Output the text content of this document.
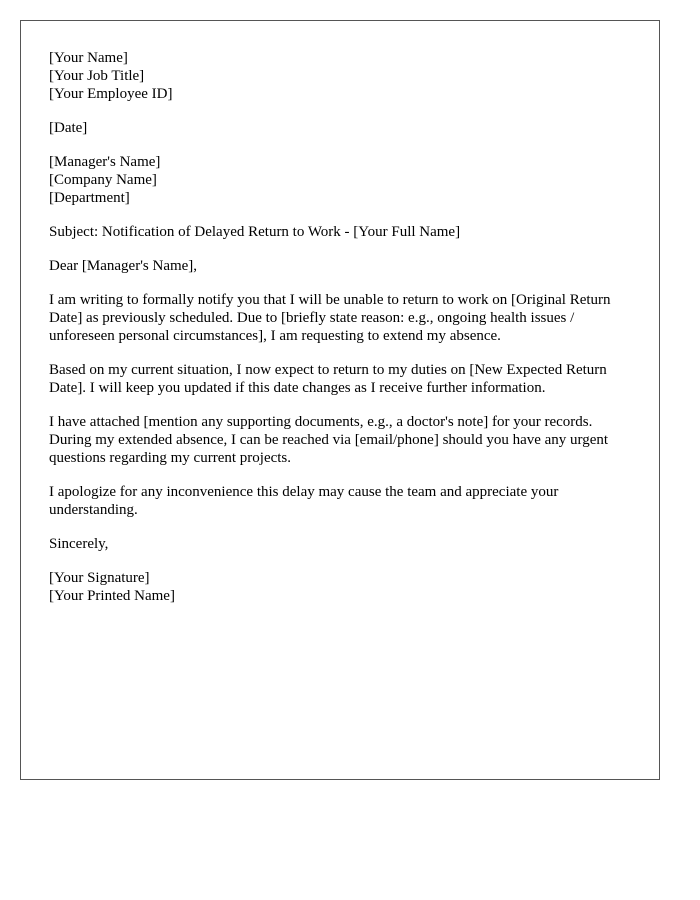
[Your Name]
[Your Job Title]
[Your Employee ID]
[Date]
[Manager's Name]
[Company Name]
[Department]
Subject: Notification of Delayed Return to Work - [Your Full Name]
Dear [Manager's Name],

I am writing to formally notify you that I will be unable to return to work on [Original Return Date] as previously scheduled. Due to [briefly state reason: e.g., ongoing health issues / unforeseen personal circumstances], I am requesting to extend my absence.

Based on my current situation, I now expect to return to my duties on [New Expected Return Date]. I will keep you updated if this date changes as I receive further information.

I have attached [mention any supporting documents, e.g., a doctor's note] for your records. During my extended absence, I can be reached via [email/phone] should you have any urgent questions regarding my current projects.

I apologize for any inconvenience this delay may cause the team and appreciate your understanding.

Sincerely,
[Your Signature]
[Your Printed Name]
